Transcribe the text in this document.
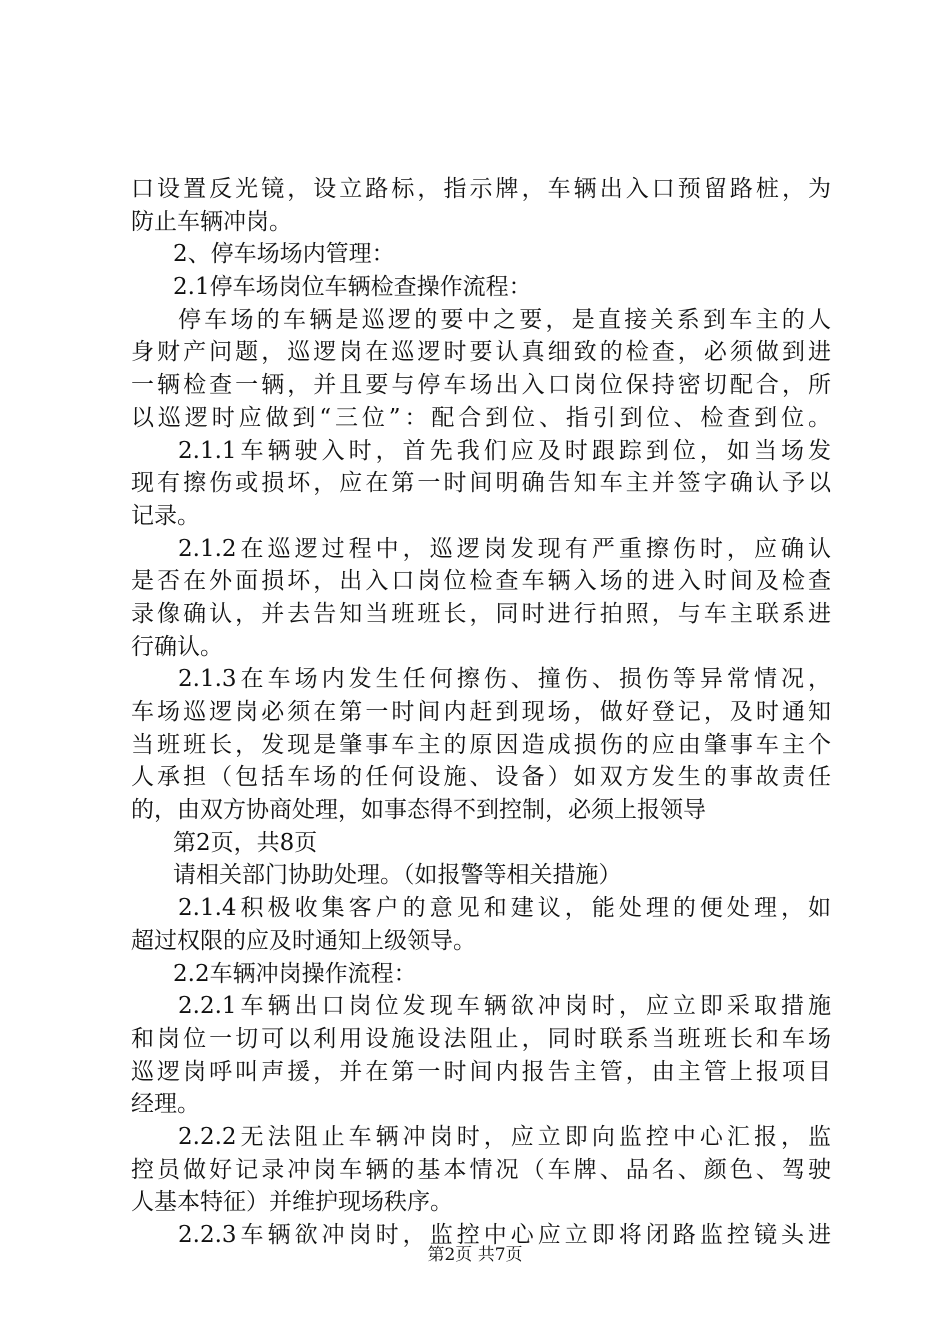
口设置反光镜，设立路标，指示牌，车辆出入口预留路桩，为
防止车辆冲岗。
2、停车场场内管理：
2.1停车场岗位车辆检查操作流程：
停车场的车辆是巡逻的要中之要，是直接关系到车主的人
身财产问题，巡逻岗在巡逻时要认真细致的检查，必须做到进
一辆检查一辆，并且要与停车场出入口岗位保持密切配合，所
以巡逻时应做到“三位”：配合到位、指引到位、检查到位。
2.1.1车辆驶入时，首先我们应及时跟踪到位，如当场发
现有擦伤或损坏，应在第一时间明确告知车主并签字确认予以
记录。
2.1.2在巡逻过程中，巡逻岗发现有严重擦伤时，应确认
是否在外面损坏，出入口岗位检查车辆入场的进入时间及检查
录像确认，并去告知当班班长，同时进行拍照，与车主联系进
行确认。
2.1.3在车场内发生任何擦伤、撞伤、损伤等异常情况，
车场巡逻岗必须在第一时间内赶到现场，做好登记，及时通知
当班班长，发现是肇事车主的原因造成损伤的应由肇事车主个
人承担（包括车场的任何设施、设备）如双方发生的事故责任
的，由双方协商处理，如事态得不到控制，必须上报领导
第2页，共8页
请相关部门协助处理。（如报警等相关措施）
2.1.4积极收集客户的意见和建议，能处理的便处理，如
超过权限的应及时通知上级领导。
2.2车辆冲岗操作流程：
2.2.1车辆出口岗位发现车辆欲冲岗时，应立即采取措施
和岗位一切可以利用设施设法阻止，同时联系当班班长和车场
巡逻岗呼叫声援，并在第一时间内报告主管，由主管上报项目
经理。
2.2.2无法阻止车辆冲岗时，应立即向监控中心汇报，监
控员做好记录冲岗车辆的基本情况（车牌、品名、颜色、驾驶
人基本特征）并维护现场秩序。
2.2.3车辆欲冲岗时，监控中心应立即将闭路监控镜头进
第2页 共7页
